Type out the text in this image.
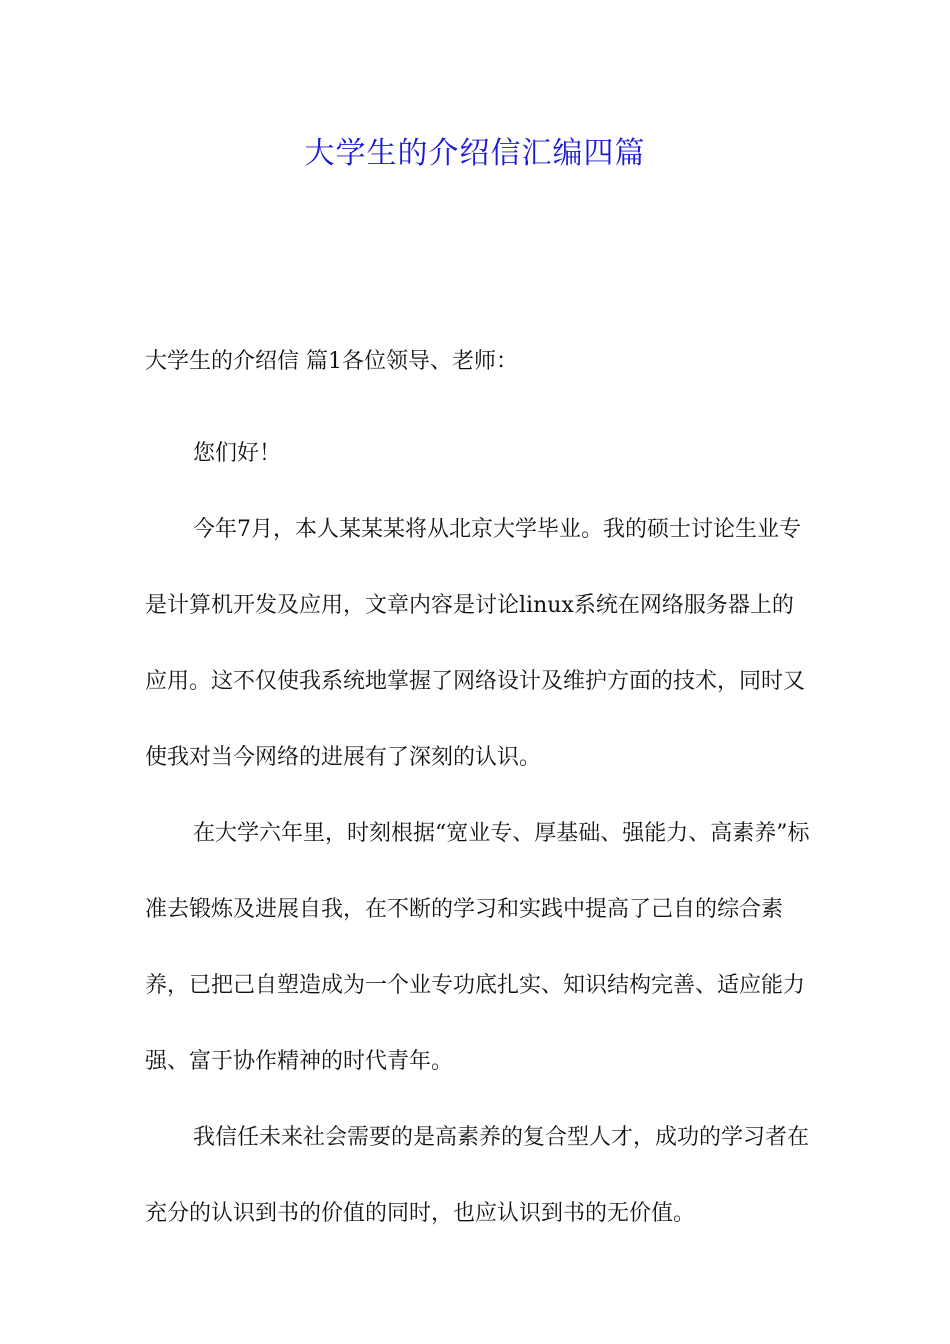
大学生的介绍信汇编四篇

大学生的介绍信 篇1各位领导、老师：

您们好！

今年7月，本人某某某将从北京大学毕业。我的硕士讨论生业专是计算机开发及应用，文章内容是讨论linux系统在网络服务器上的应用。这不仅使我系统地掌握了网络设计及维护方面的技术，同时又使我对当今网络的进展有了深刻的认识。

在大学六年里，时刻根据“宽业专、厚基础、强能力、高素养”标准去锻炼及进展自我，在不断的学习和实践中提高了己自的综合素养，已把己自塑造成为一个业专功底扎实、知识结构完善、适应能力强、富于协作精神的时代青年。

我信任未来社会需要的是高素养的复合型人才，成功的学习者在充分的认识到书的价值的同时，也应认识到书的无价值。
